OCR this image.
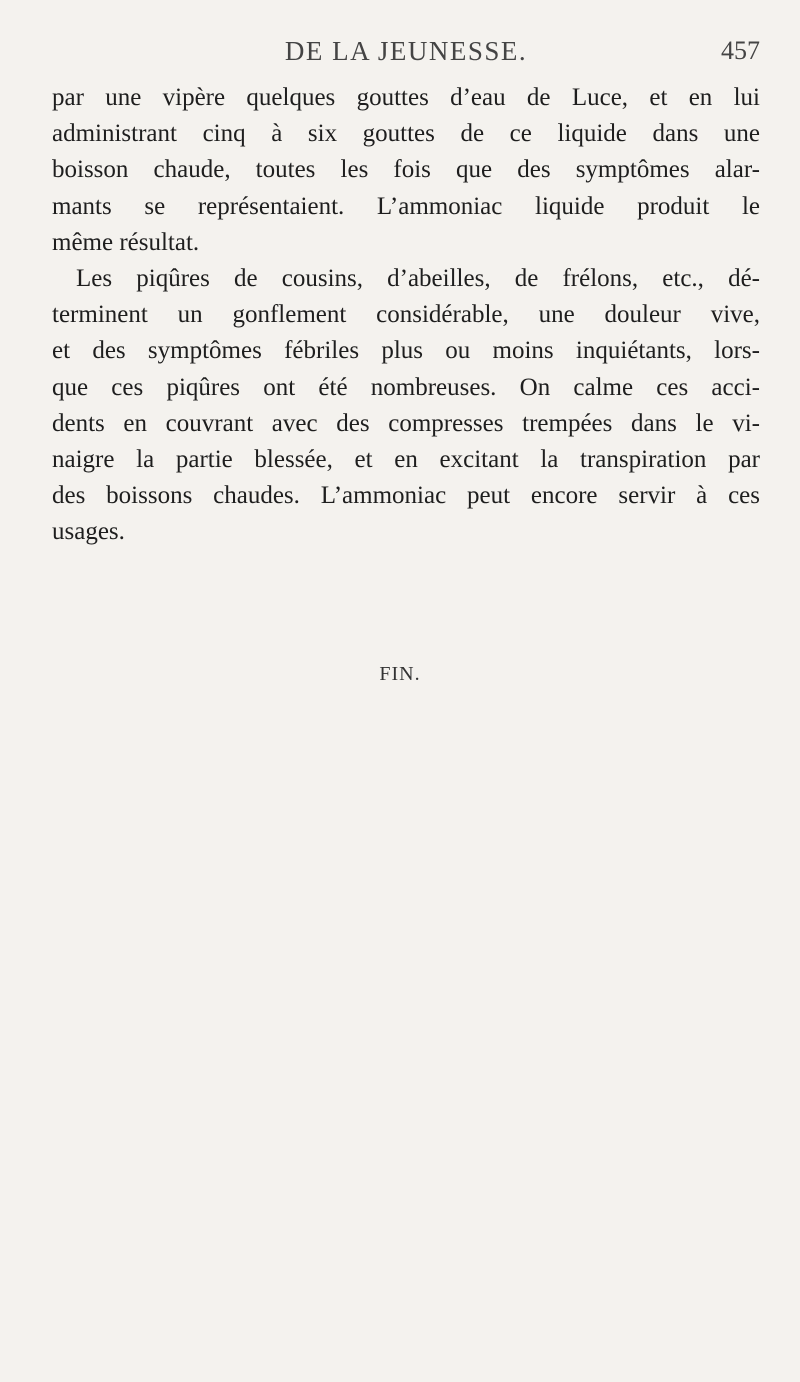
DE LA JEUNESSE.	457
par une vipère quelques gouttes d’eau de Luce, et en lui
administrant cinq à six gouttes de ce liquide dans une
boisson chaude, toutes les fois que des symptômes alar-
mants se représentaient. L’ammoniac liquide produit le
même résultat.
Les piqûres de cousins, d’abeilles, de frélons, etc., dé-
terminent un gonflement considérable, une douleur vive,
et des symptômes fébriles plus ou moins inquiétants, lors-
que ces piqûres ont été nombreuses. On calme ces acci-
dents en couvrant avec des compresses trempées dans le vi-
naigre la partie blessée, et en excitant la transpiration par
des boissons chaudes. L’ammoniac peut encore servir à ces
usages.
FIN.
